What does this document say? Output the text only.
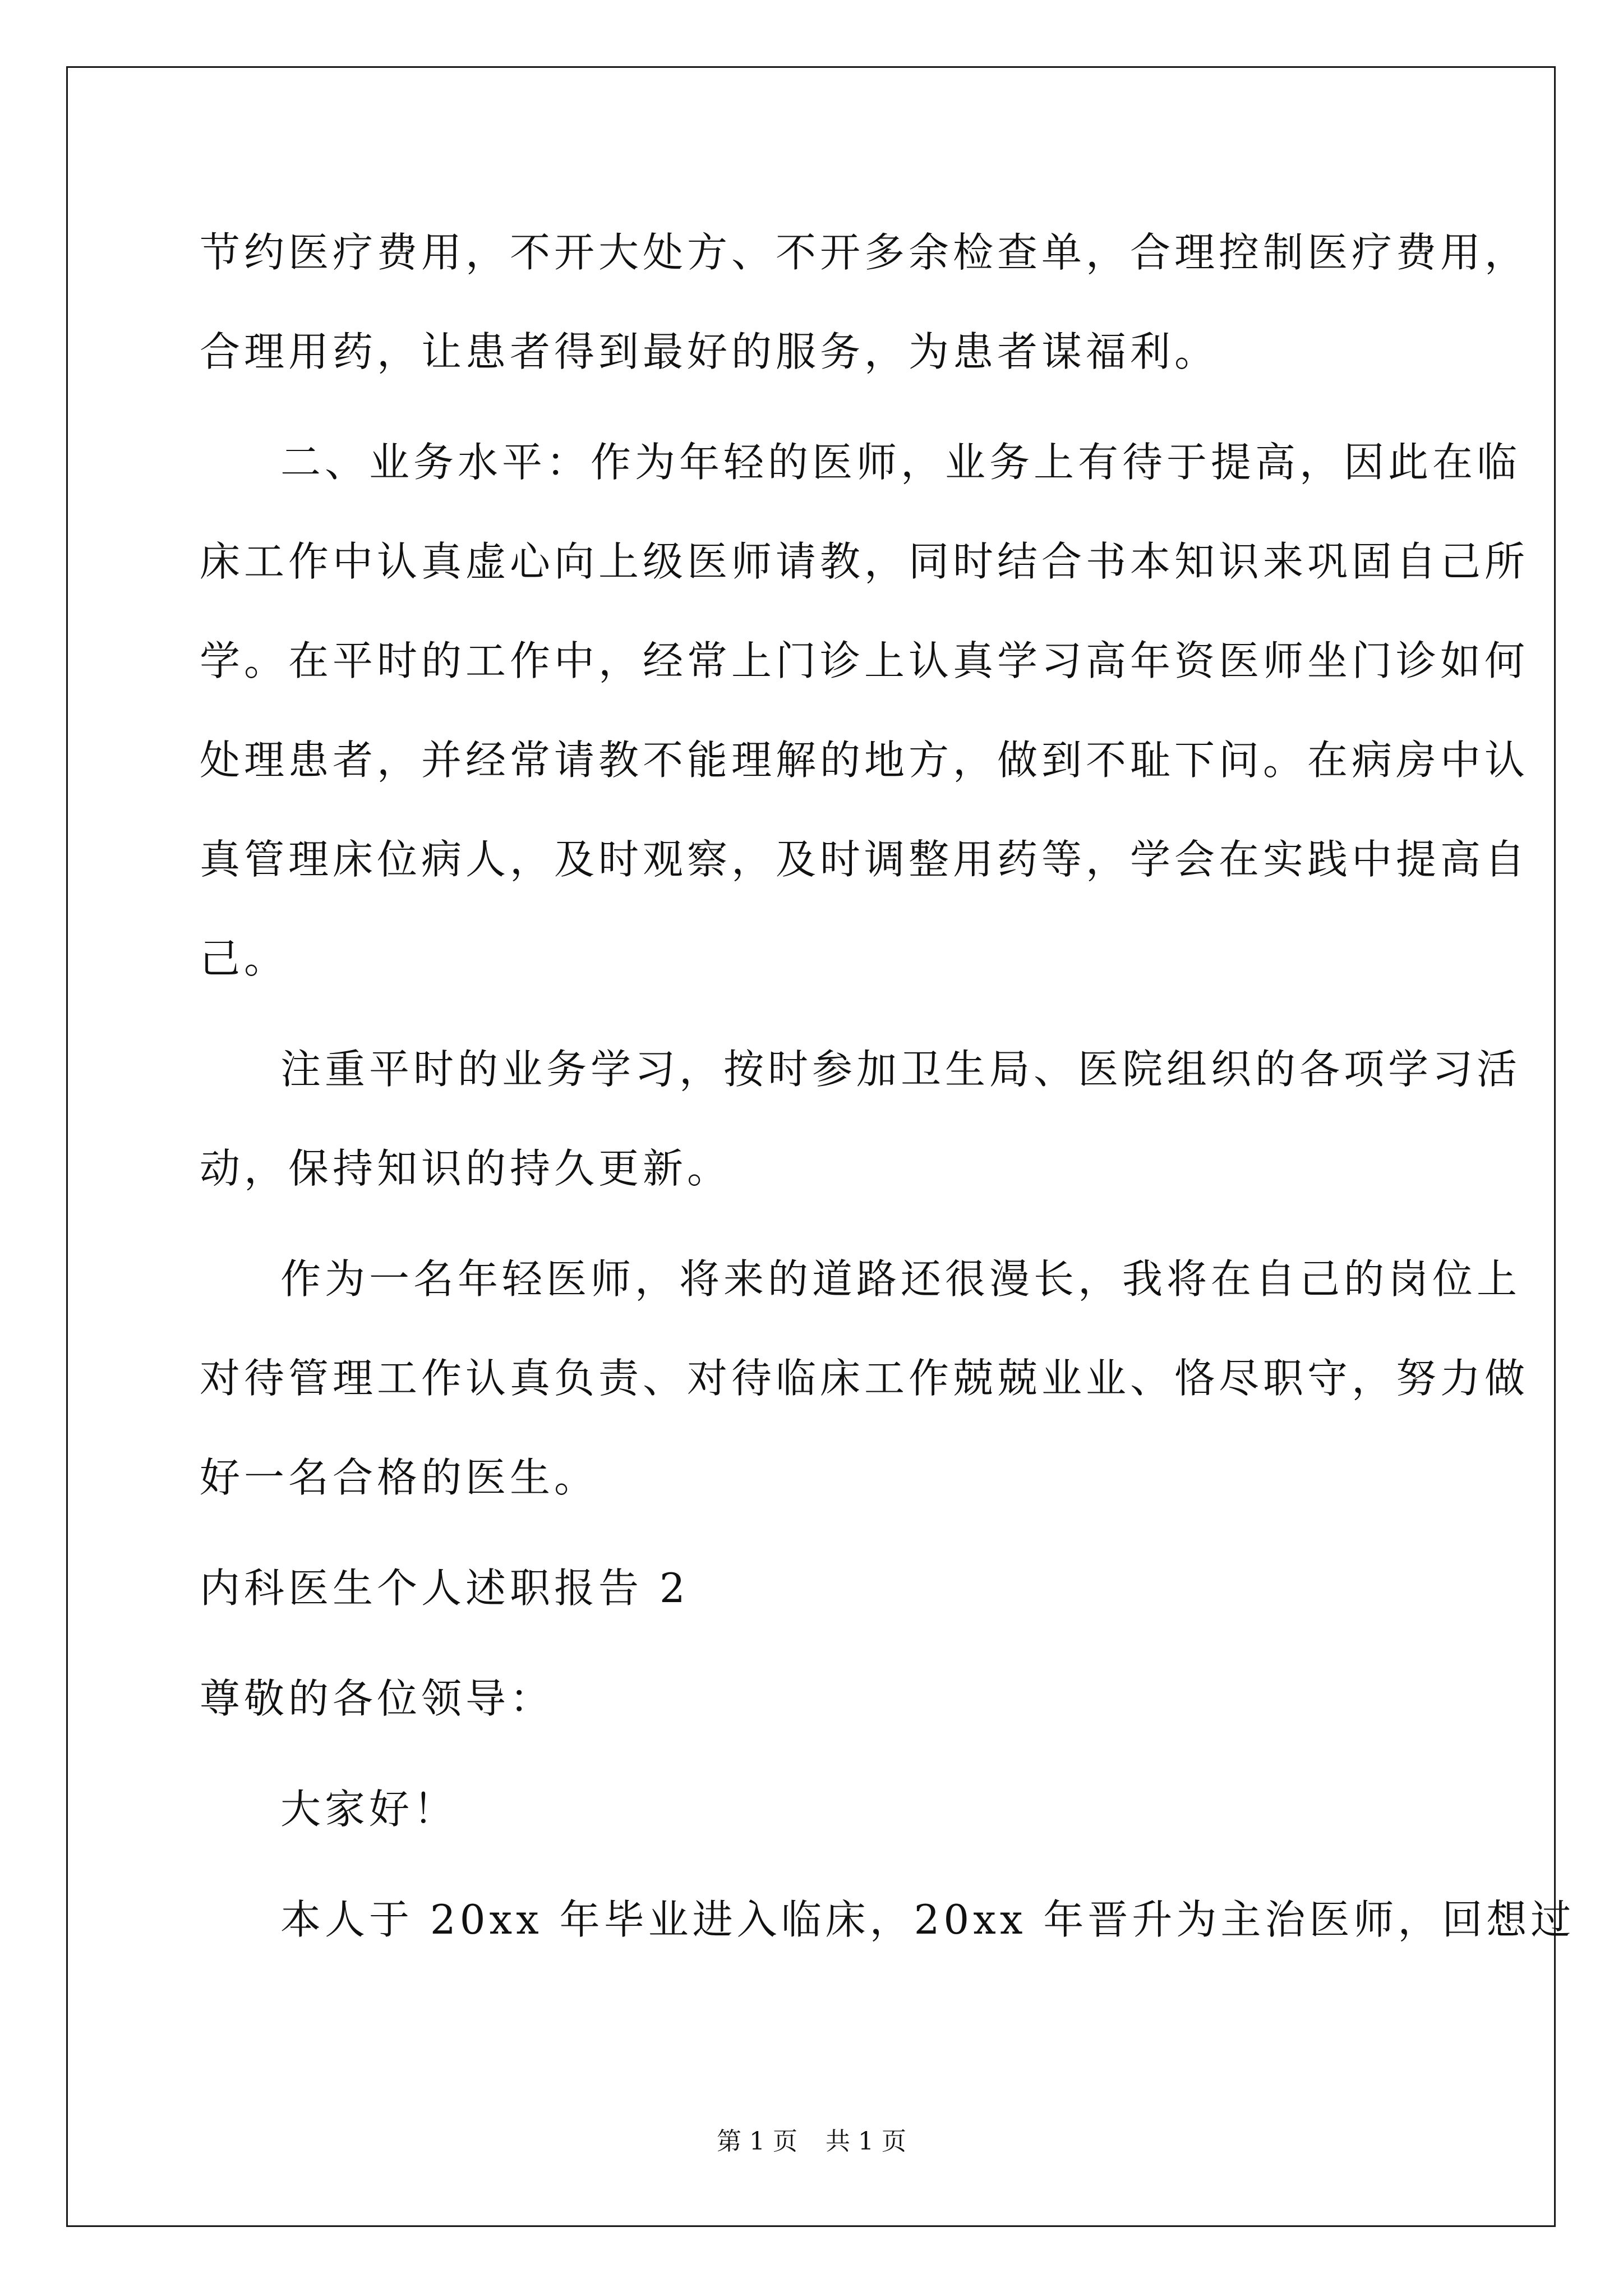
节约医疗费用，不开大处方、不开多余检查单，合理控制医疗费用，
合理用药，让患者得到最好的服务，为患者谋福利。
二、业务水平：作为年轻的医师，业务上有待于提高，因此在临
床工作中认真虚心向上级医师请教，同时结合书本知识来巩固自己所
学。在平时的工作中，经常上门诊上认真学习高年资医师坐门诊如何
处理患者，并经常请教不能理解的地方，做到不耻下问。在病房中认
真管理床位病人，及时观察，及时调整用药等，学会在实践中提高自
己。
注重平时的业务学习，按时参加卫生局、医院组织的各项学习活
动，保持知识的持久更新。
作为一名年轻医师，将来的道路还很漫长，我将在自己的岗位上
对待管理工作认真负责、对待临床工作兢兢业业、恪尽职守，努力做
好一名合格的医生。
内科医生个人述职报告 2
尊敬的各位领导：
大家好！
本人于 20xx 年毕业进入临床，20xx 年晋升为主治医师，回想过
第 1 页 共 1 页
